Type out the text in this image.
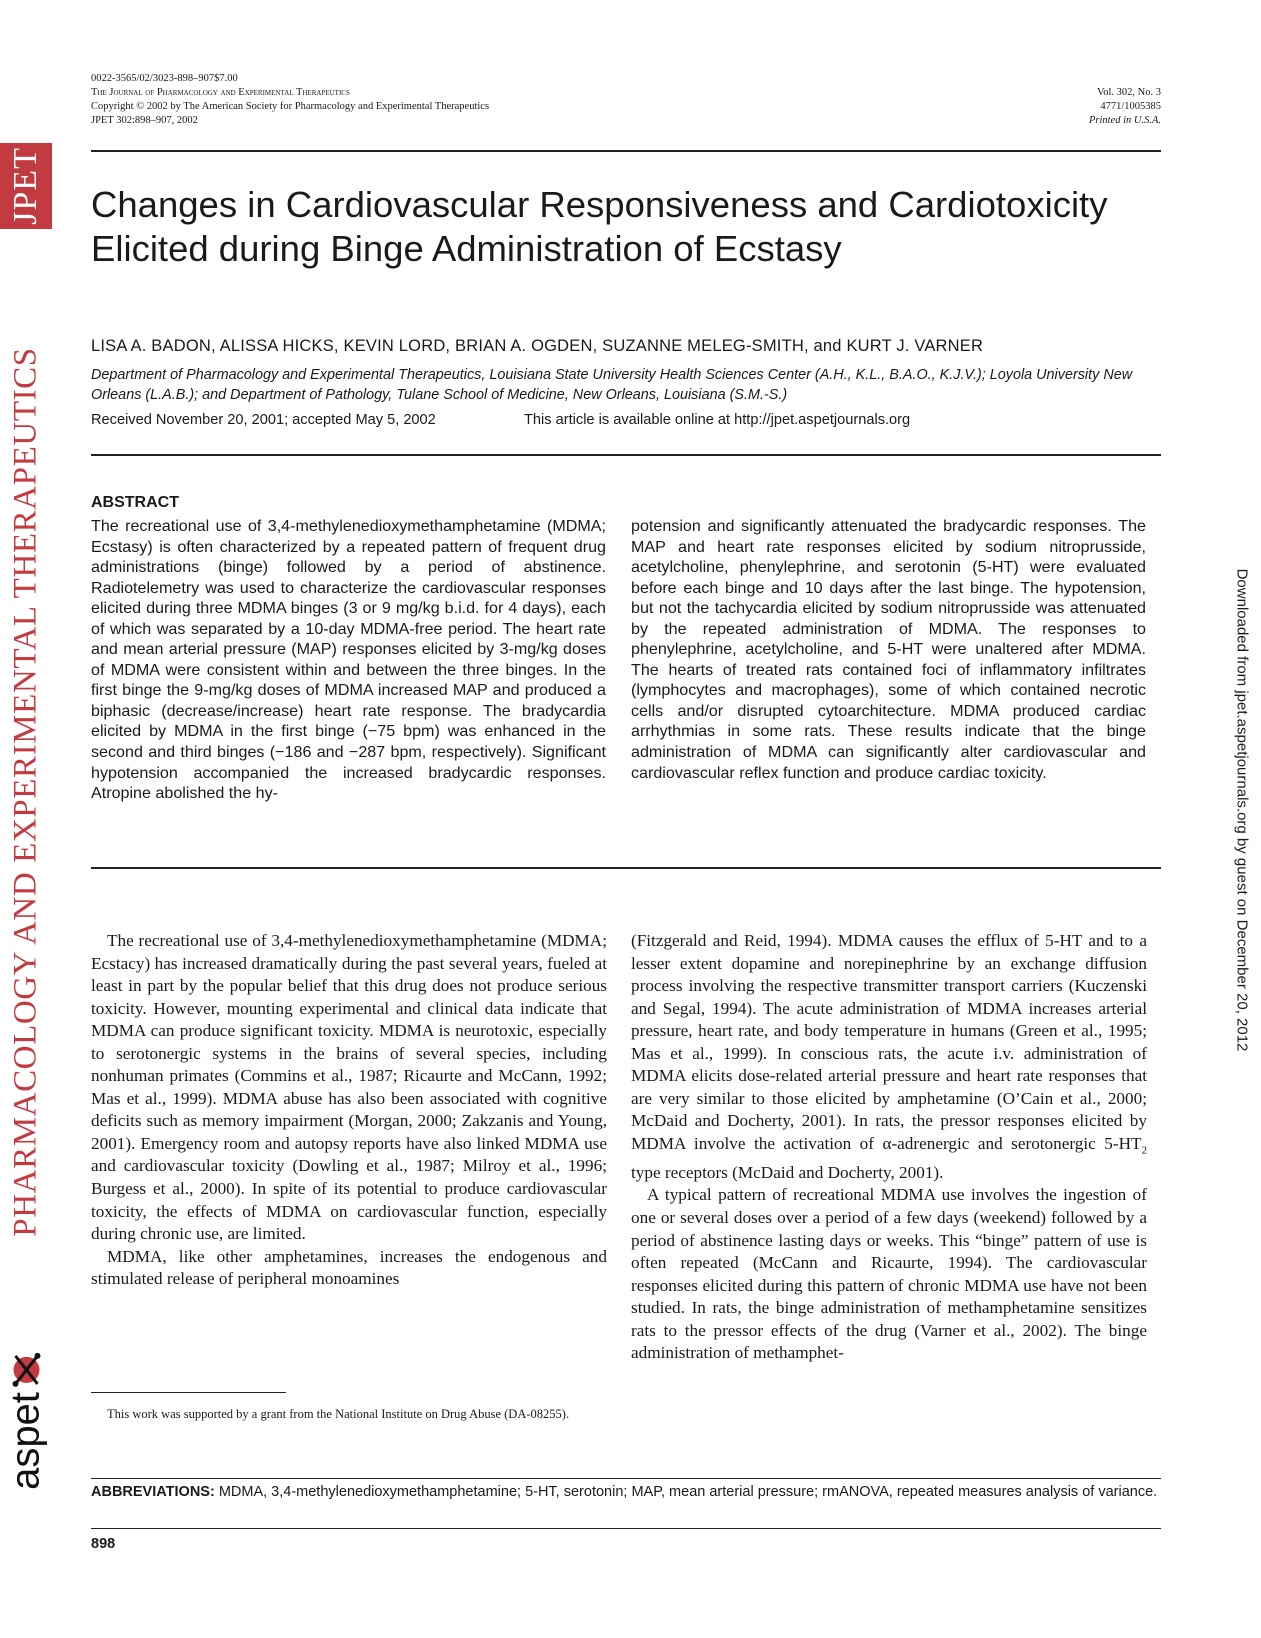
JPET
PHARMACOLOGY AND EXPERIMENTAL THERAPEUTICS
aspet
Downloaded from jpet.aspetjournals.org by guest on December 20, 2012
0022-3565/02/3023-898–907$7.00
The Journal of Pharmacology and Experimental Therapeutics
Copyright © 2002 by The American Society for Pharmacology and Experimental Therapeutics
JPET 302:898–907, 2002
Vol. 302, No. 3
4771/1005385
Printed in U.S.A.
Changes in Cardiovascular Responsiveness and Cardiotoxicity Elicited during Binge Administration of Ecstasy
LISA A. BADON, ALISSA HICKS, KEVIN LORD, BRIAN A. OGDEN, SUZANNE MELEG-SMITH, and KURT J. VARNER
Department of Pharmacology and Experimental Therapeutics, Louisiana State University Health Sciences Center (A.H., K.L., B.A.O., K.J.V.); Loyola University New Orleans (L.A.B.); and Department of Pathology, Tulane School of Medicine, New Orleans, Louisiana (S.M.-S.)
Received November 20, 2001; accepted May 5, 2002	This article is available online at http://jpet.aspetjournals.org
ABSTRACT
The recreational use of 3,4-methylenedioxymethamphetamine (MDMA; Ecstasy) is often characterized by a repeated pattern of frequent drug administrations (binge) followed by a period of abstinence. Radiotelemetry was used to characterize the cardiovascular responses elicited during three MDMA binges (3 or 9 mg/kg b.i.d. for 4 days), each of which was separated by a 10-day MDMA-free period. The heart rate and mean arterial pressure (MAP) responses elicited by 3-mg/kg doses of MDMA were consistent within and between the three binges. In the first binge the 9-mg/kg doses of MDMA increased MAP and produced a biphasic (decrease/increase) heart rate response. The bradycardia elicited by MDMA in the first binge (−75 bpm) was enhanced in the second and third binges (−186 and −287 bpm, respectively). Significant hypotension accompanied the increased bradycardic responses. Atropine abolished the hy-
potension and significantly attenuated the bradycardic responses. The MAP and heart rate responses elicited by sodium nitroprusside, acetylcholine, phenylephrine, and serotonin (5-HT) were evaluated before each binge and 10 days after the last binge. The hypotension, but not the tachycardia elicited by sodium nitroprusside was attenuated by the repeated administration of MDMA. The responses to phenylephrine, acetylcholine, and 5-HT were unaltered after MDMA. The hearts of treated rats contained foci of inflammatory infiltrates (lymphocytes and macrophages), some of which contained necrotic cells and/or disrupted cytoarchitecture. MDMA produced cardiac arrhythmias in some rats. These results indicate that the binge administration of MDMA can significantly alter cardiovascular and cardiovascular reflex function and produce cardiac toxicity.

The recreational use of 3,4-methylenedioxymethamphetamine (MDMA; Ecstacy) has increased dramatically during the past several years, fueled at least in part by the popular belief that this drug does not produce serious toxicity. However, mounting experimental and clinical data indicate that MDMA can produce significant toxicity. MDMA is neurotoxic, especially to serotonergic systems in the brains of several species, including nonhuman primates (Commins et al., 1987; Ricaurte and McCann, 1992; Mas et al., 1999). MDMA abuse has also been associated with cognitive deficits such as memory impairment (Morgan, 2000; Zakzanis and Young, 2001). Emergency room and autopsy reports have also linked MDMA use and cardiovascular toxicity (Dowling et al., 1987; Milroy et al., 1996; Burgess et al., 2000). In spite of its potential to produce cardiovascular toxicity, the effects of MDMA on cardiovascular function, especially during chronic use, are limited.

MDMA, like other amphetamines, increases the endogenous and stimulated release of peripheral monoamines

(Fitzgerald and Reid, 1994). MDMA causes the efflux of 5-HT and to a lesser extent dopamine and norepinephrine by an exchange diffusion process involving the respective transmitter transport carriers (Kuczenski and Segal, 1994). The acute administration of MDMA increases arterial pressure, heart rate, and body temperature in humans (Green et al., 1995; Mas et al., 1999). In conscious rats, the acute i.v. administration of MDMA elicits dose-related arterial pressure and heart rate responses that are very similar to those elicited by amphetamine (O’Cain et al., 2000; McDaid and Docherty, 2001). In rats, the pressor responses elicited by MDMA involve the activation of α-adrenergic and serotonergic $5-HT_2$ type receptors (McDaid and Docherty, 2001).

A typical pattern of recreational MDMA use involves the ingestion of one or several doses over a period of a few days (weekend) followed by a period of abstinence lasting days or weeks. This “binge” pattern of use is often repeated (McCann and Ricaurte, 1994). The cardiovascular responses elicited during this pattern of chronic MDMA use have not been studied. In rats, the binge administration of methamphetamine sensitizes rats to the pressor effects of the drug (Varner et al., 2002). The binge administration of methamphet-

This work was supported by a grant from the National Institute on Drug Abuse (DA-08255).
ABBREVIATIONS: MDMA, 3,4-methylenedioxymethamphetamine; 5-HT, serotonin; MAP, mean arterial pressure; rmANOVA, repeated measures analysis of variance.
898
